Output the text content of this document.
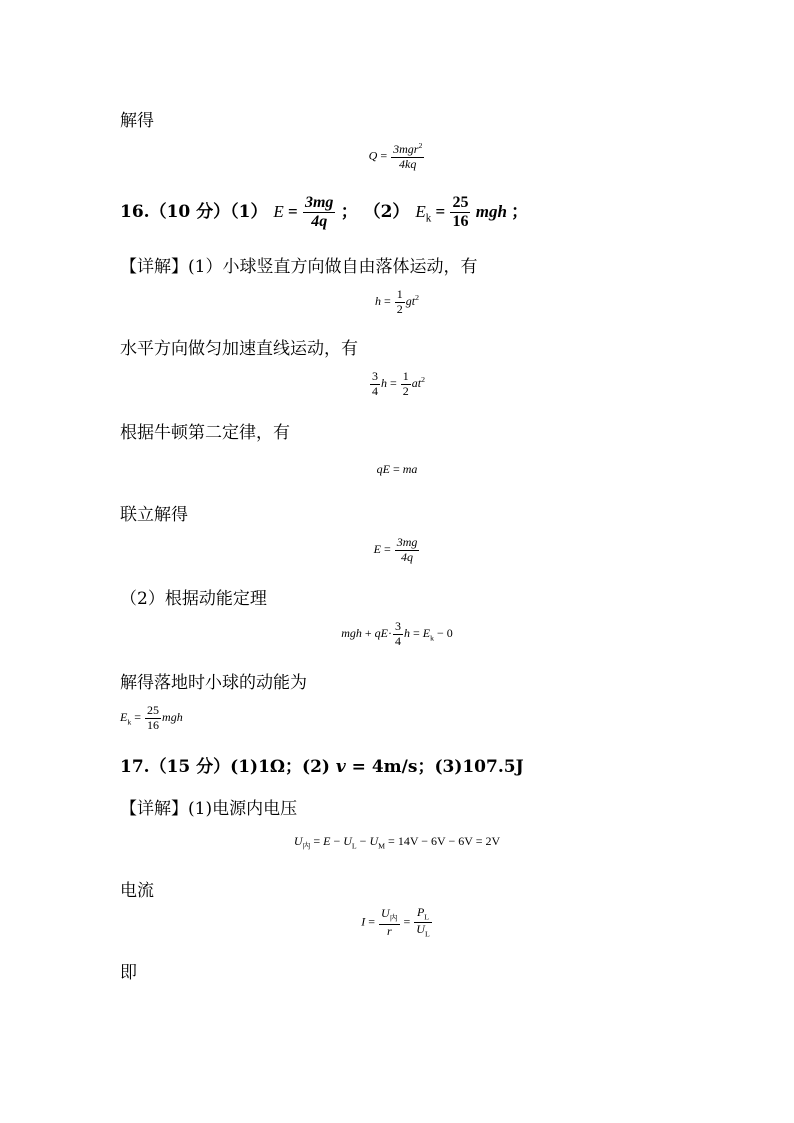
解得
$Q = \frac{3mgr^2}{4kq}$
16.（10 分）（1） $E = \frac{3mg}{4q}$ ； （2） $E_k = \frac{25}{16}$ mgh ；
【详解】(1）小球竖直方向做自由落体运动，有
$h = \frac{1}{2} gt^2$
水平方向做匀加速直线运动，有
$\frac{3}{4}$ $h = \frac{1}{2} at^2$
根据牛顿第二定律，有
qE = ma
联立解得
$E = \frac{3mg}{4q}$
（2）根据动能定理
mgh + $qE\cdot \frac{3}{4}$ $h = E_k - 0$
解得落地时小球的动能为
$E_k = \frac{25}{16}$ mgh
17.（15 分）(1)1Ω；(2) v = 4m/s；(3)107.5J
【详解】(1)电源内电压
$U_内 = E - U_L - U_M = 14V - 6V - 6V = 2V$
电流
$I = \frac{U_内}{r} = \frac{P_L}{U_L}$
即
